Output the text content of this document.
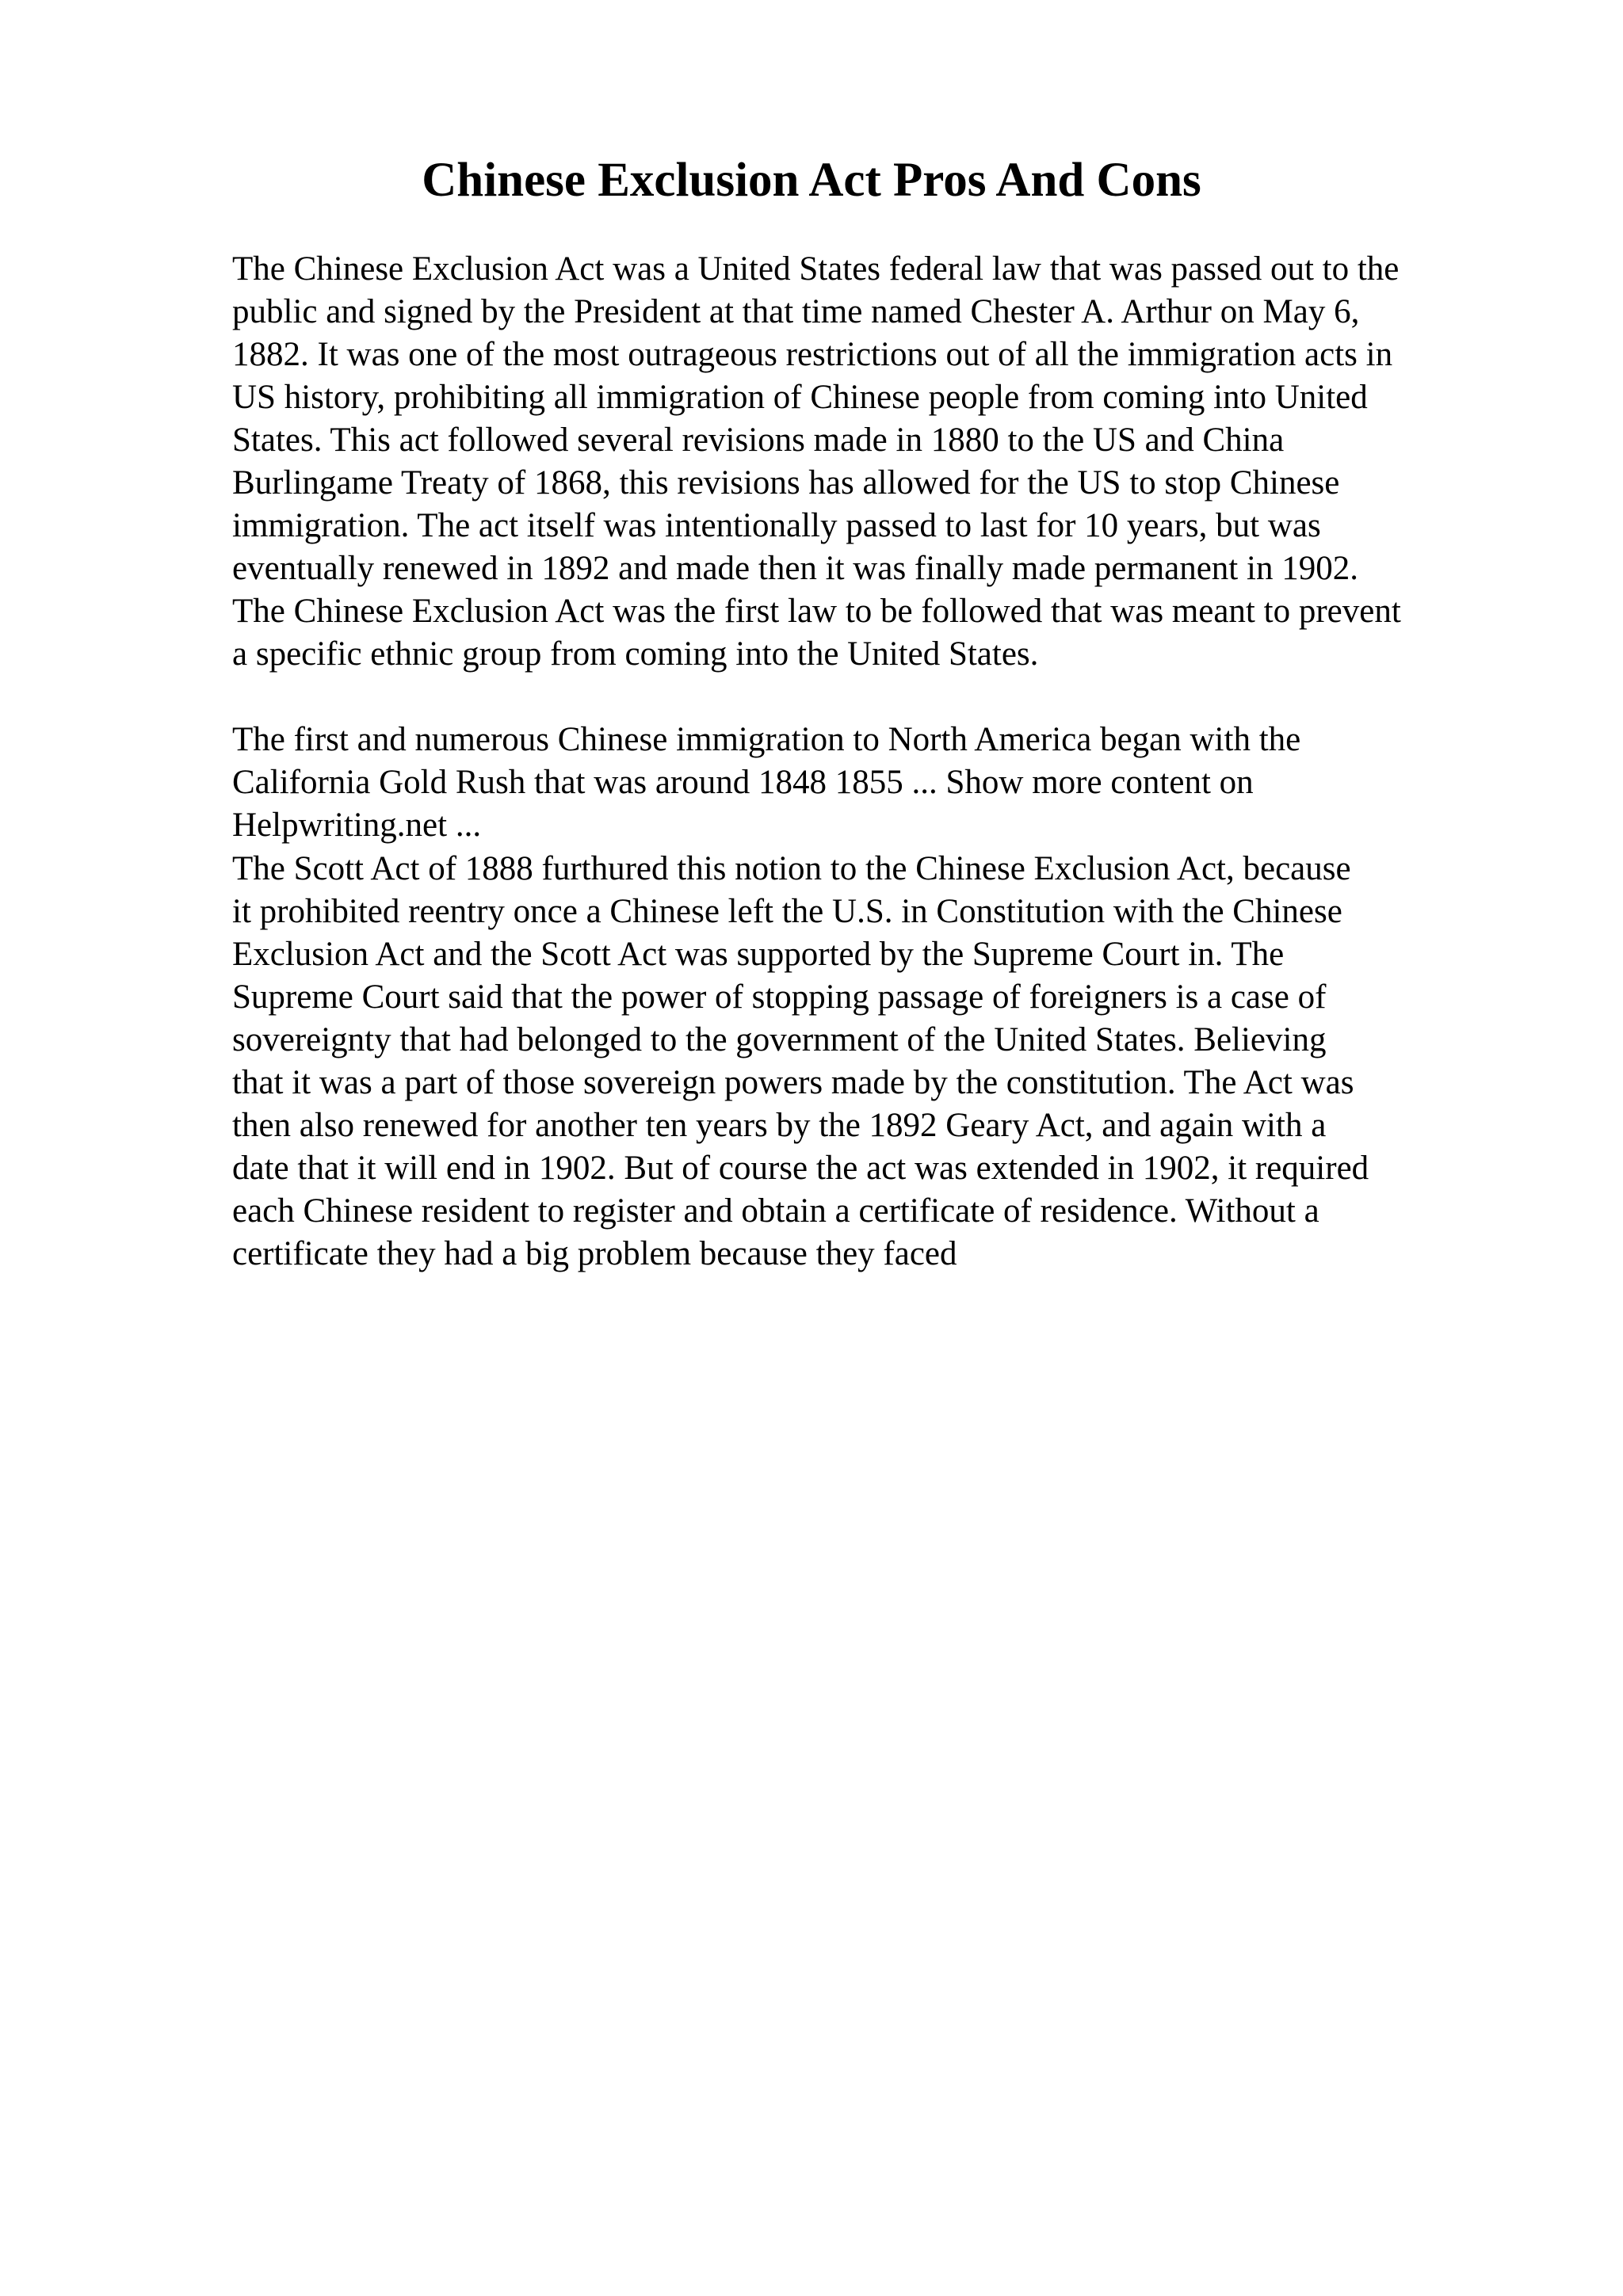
Chinese Exclusion Act Pros And Cons
The Chinese Exclusion Act was a United States federal law that was passed out to the
public and signed by the President at that time named Chester A. Arthur on May 6,
1882. It was one of the most outrageous restrictions out of all the immigration acts in
US history, prohibiting all immigration of Chinese people from coming into United
States. This act followed several revisions made in 1880 to the US and China
Burlingame Treaty of 1868, this revisions has allowed for the US to stop Chinese
immigration. The act itself was intentionally passed to last for 10 years, but was
eventually renewed in 1892 and made then it was finally made permanent in 1902.
The Chinese Exclusion Act was the first law to be followed that was meant to prevent
a specific ethnic group from coming into the United States.
The first and numerous Chinese immigration to North America began with the
California Gold Rush that was around 1848 1855 ... Show more content on
Helpwriting.net ...
The Scott Act of 1888 furthured this notion to the Chinese Exclusion Act, because
it prohibited reentry once a Chinese left the U.S. in Constitution with the Chinese
Exclusion Act and the Scott Act was supported by the Supreme Court in. The
Supreme Court said that the power of stopping passage of foreigners is a case of
sovereignty that had belonged to the government of the United States. Believing
that it was a part of those sovereign powers made by the constitution. The Act was
then also renewed for another ten years by the 1892 Geary Act, and again with a
date that it will end in 1902. But of course the act was extended in 1902, it required
each Chinese resident to register and obtain a certificate of residence. Without a
certificate they had a big problem because they faced
